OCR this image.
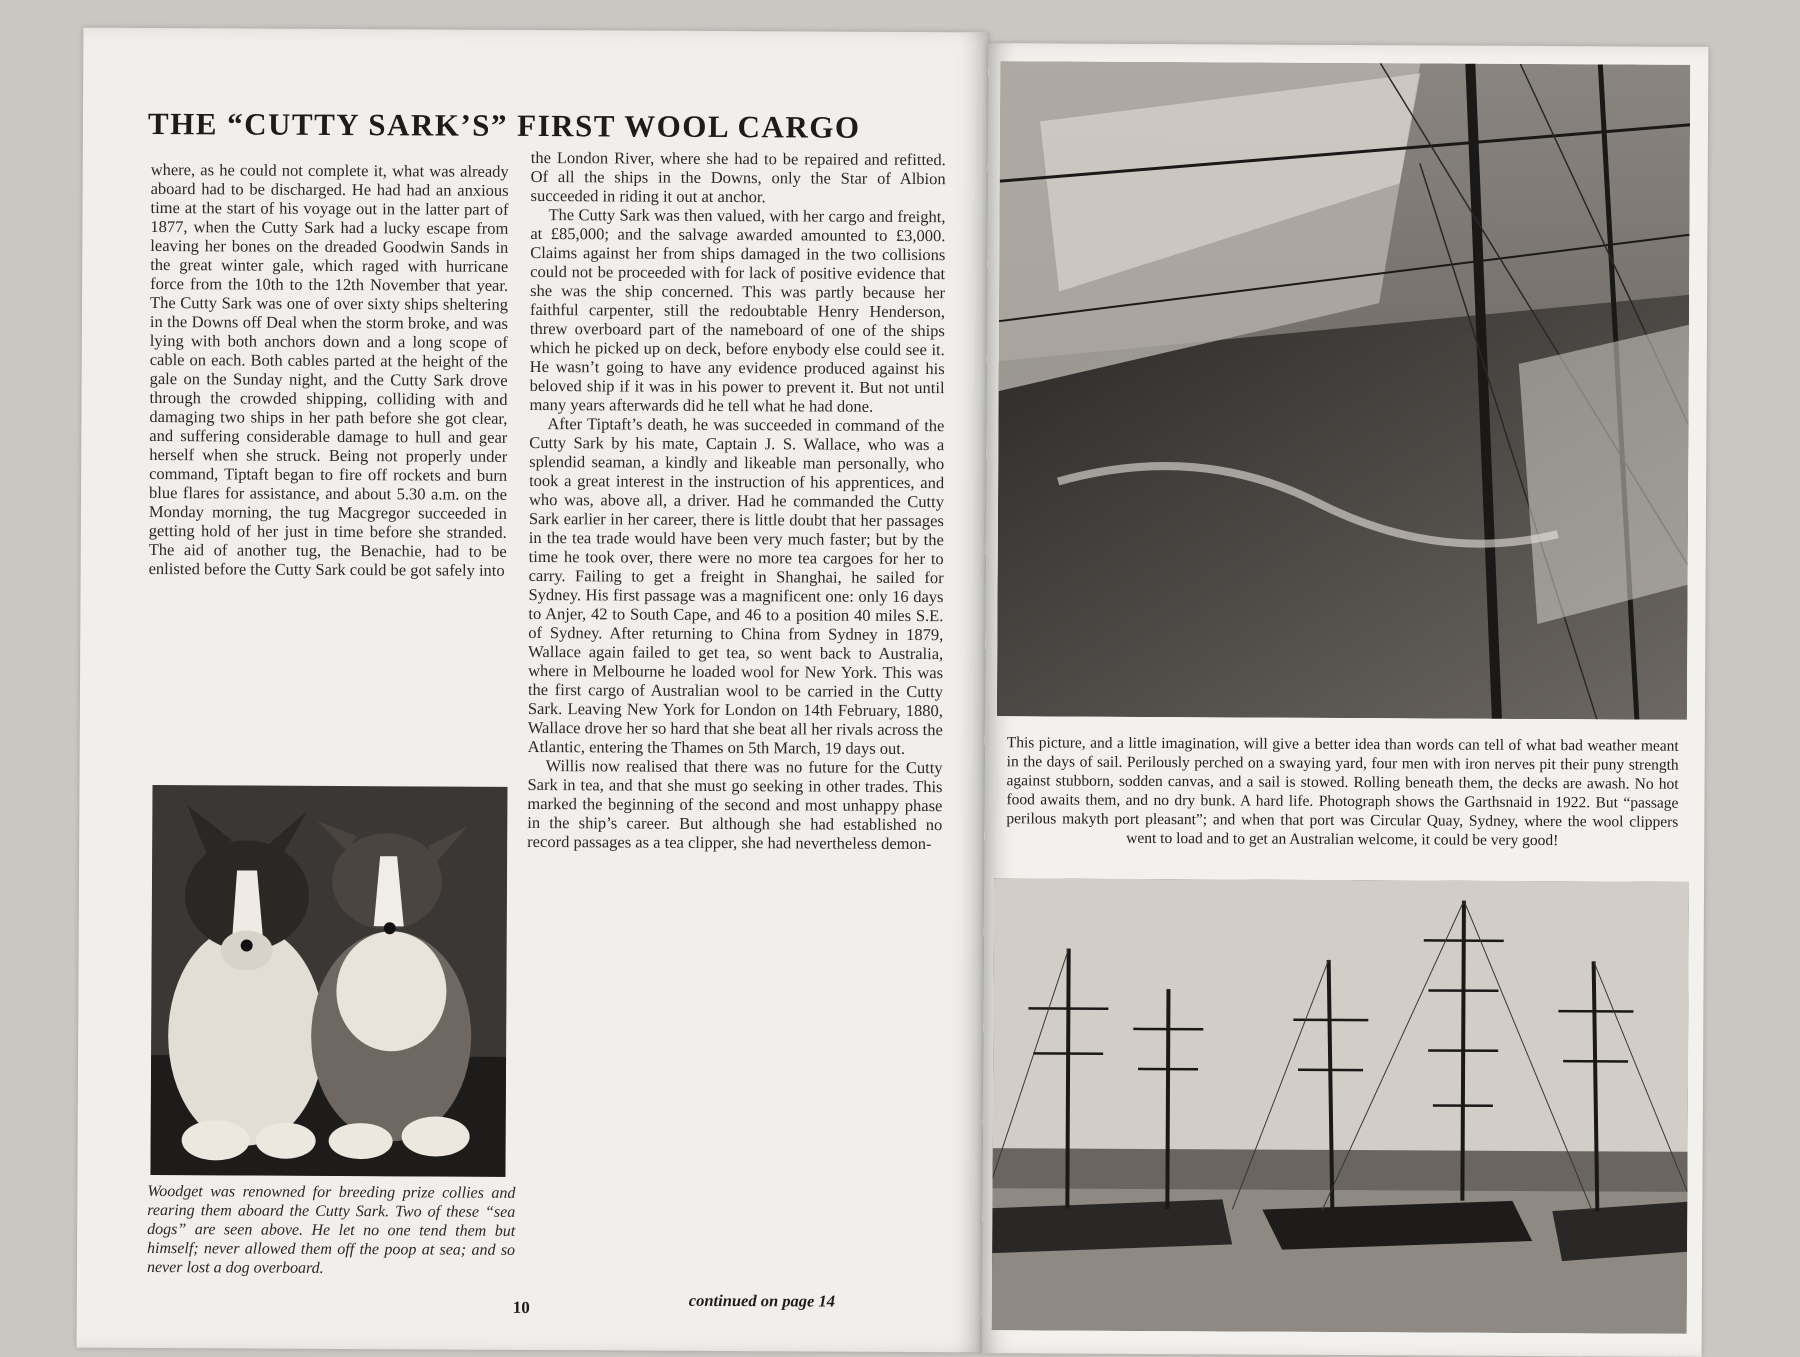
THE “CUTTY SARK’S” FIRST WOOL CARGO

where, as he could not complete it, what was already aboard had to be discharged. He had had an anxious time at the start of his voyage out in the latter part of 1877, when the Cutty Sark had a lucky escape from leaving her bones on the dreaded Goodwin Sands in the great winter gale, which raged with hurricane force from the 10th to the 12th November that year. The Cutty Sark was one of over sixty ships sheltering in the Downs off Deal when the storm broke, and was lying with both anchors down and a long scope of cable on each. Both cables parted at the height of the gale on the Sunday night, and the Cutty Sark drove through the crowded shipping, colliding with and damaging two ships in her path before she got clear, and suffering considerable damage to hull and gear herself when she struck. Being not properly under command, Tiptaft began to fire off rockets and burn blue flares for assistance, and about 5.30 a.m. on the Monday morning, the tug Macgregor succeeded in getting hold of her just in time before she stranded. The aid of another tug, the Benachie, had to be enlisted before the Cutty Sark could be got safely into

the London River, where she had to be repaired and refitted. Of all the ships in the Downs, only the Star of Albion succeeded in riding it out at anchor.

The Cutty Sark was then valued, with her cargo and freight, at £85,000; and the salvage awarded amounted to £3,000. Claims against her from ships damaged in the two collisions could not be proceeded with for lack of positive evidence that she was the ship concerned. This was partly because her faithful carpenter, still the redoubtable Henry Henderson, threw overboard part of the nameboard of one of the ships which he picked up on deck, before enybody else could see it. He wasn’t going to have any evidence produced against his beloved ship if it was in his power to prevent it. But not until many years afterwards did he tell what he had done.

After Tiptaft’s death, he was succeeded in command of the Cutty Sark by his mate, Captain J. S. Wallace, who was a splendid seaman, a kindly and likeable man personally, who took a great interest in the instruction of his apprentices, and who was, above all, a driver. Had he commanded the Cutty Sark earlier in her career, there is little doubt that her passages in the tea trade would have been very much faster; but by the time he took over, there were no more tea cargoes for her to carry. Failing to get a freight in Shanghai, he sailed for Sydney. His first passage was a magnificent one: only 16 days to Anjer, 42 to South Cape, and 46 to a position 40 miles S.E. of Sydney. After returning to China from Sydney in 1879, Wallace again failed to get tea, so went back to Australia, where in Melbourne he loaded wool for New York. This was the first cargo of Australian wool to be carried in the Cutty Sark. Leaving New York for London on 14th February, 1880, Wallace drove her so hard that she beat all her rivals across the Atlantic, entering the Thames on 5th March, 19 days out.

Willis now realised that there was no future for the Cutty Sark in tea, and that she must go seeking in other trades. This marked the beginning of the second and most unhappy phase in the ship’s career. But although she had established no record passages as a tea clipper, she had nevertheless demon-

Woodget was renowned for breeding prize collies and rearing them aboard the Cutty Sark. Two of these “sea dogs” are seen above. He let no one tend them but himself; never allowed them off the poop at sea; and so never lost a dog overboard.
10	continued on page 14
This picture, and a little imagination, will give a better idea than words can tell of what bad weather meant in the days of sail. Perilously perched on a swaying yard, four men with iron nerves pit their puny strength against stubborn, sodden canvas, and a sail is stowed. Rolling beneath them, the decks are awash. No hot food awaits them, and no dry bunk. A hard life. Photograph shows the Garthsnaid in 1922. But “passage perilous makyth port pleasant”; and when that port was Circular Quay, Sydney, where the wool clippers went to load and to get an Australian welcome, it could be very good!
